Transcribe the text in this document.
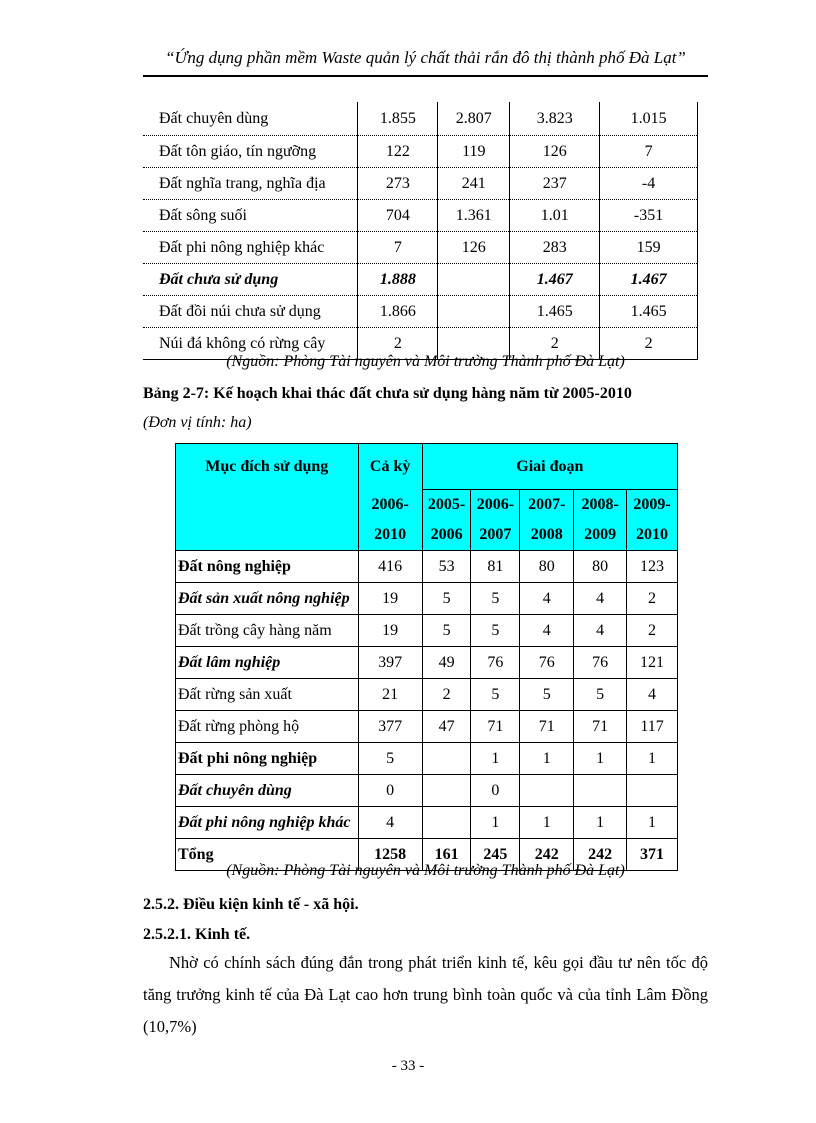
“Ứng dụng phần mềm Waste quản lý chất thải rắn đô thị thành phố Đà Lạt”
Đất chuyên dùng	1.855	2.807	3.823	1.015
Đất tôn giáo, tín ngưỡng	122	119	126	7
Đất nghĩa trang, nghĩa địa	273	241	237	-4
Đất sông suối	704	1.361	1.01	-351
Đất phi nông nghiệp khác	7	126	283	159
Đất chưa sử dụng	1.888		1.467	1.467
Đất đồi núi chưa sử dụng	1.866		1.465	1.465
Núi đá không có rừng cây	2		2	2
(Nguồn: Phòng Tài nguyên và Môi trường Thành phố Đà Lạt)
Bảng 2-7: Kế hoạch khai thác đất chưa sử dụng hàng năm từ 2005-2010
(Đơn vị tính: ha)
Mục đích sử dụng	Cả kỳ	Giai đoạn				
	2006-	2005-	2006-	2007-	2008-	2009-
	2010	2006	2007	2008	2009	2010
Đất nông nghiệp	416	53	81	80	80	123
Đất sản xuất nông nghiệp	19	5	5	4	4	2
Đất trồng cây hàng năm	19	5	5	4	4	2
Đất lâm nghiệp	397	49	76	76	76	121
Đất rừng sản xuất	21	2	5	5	5	4
Đất rừng phòng hộ	377	47	71	71	71	117
Đất phi nông nghiệp	5		1	1	1	1
Đất chuyên dùng	0		0			
Đất phi nông nghiệp khác	4		1	1	1	1
Tổng	1258	161	245	242	242	371
(Nguồn: Phòng Tài nguyên và Môi trường Thành phố Đà Lạt)
2.5.2. Điều kiện kinh tế - xã hội.
2.5.2.1. Kinh tế.
Nhờ có chính sách đúng đắn trong phát triển kinh tế, kêu gọi đầu tư nên tốc độ tăng trưởng kinh tế của Đà Lạt cao hơn trung bình toàn quốc và của tỉnh Lâm Đồng (10,7%)
- 33 -
